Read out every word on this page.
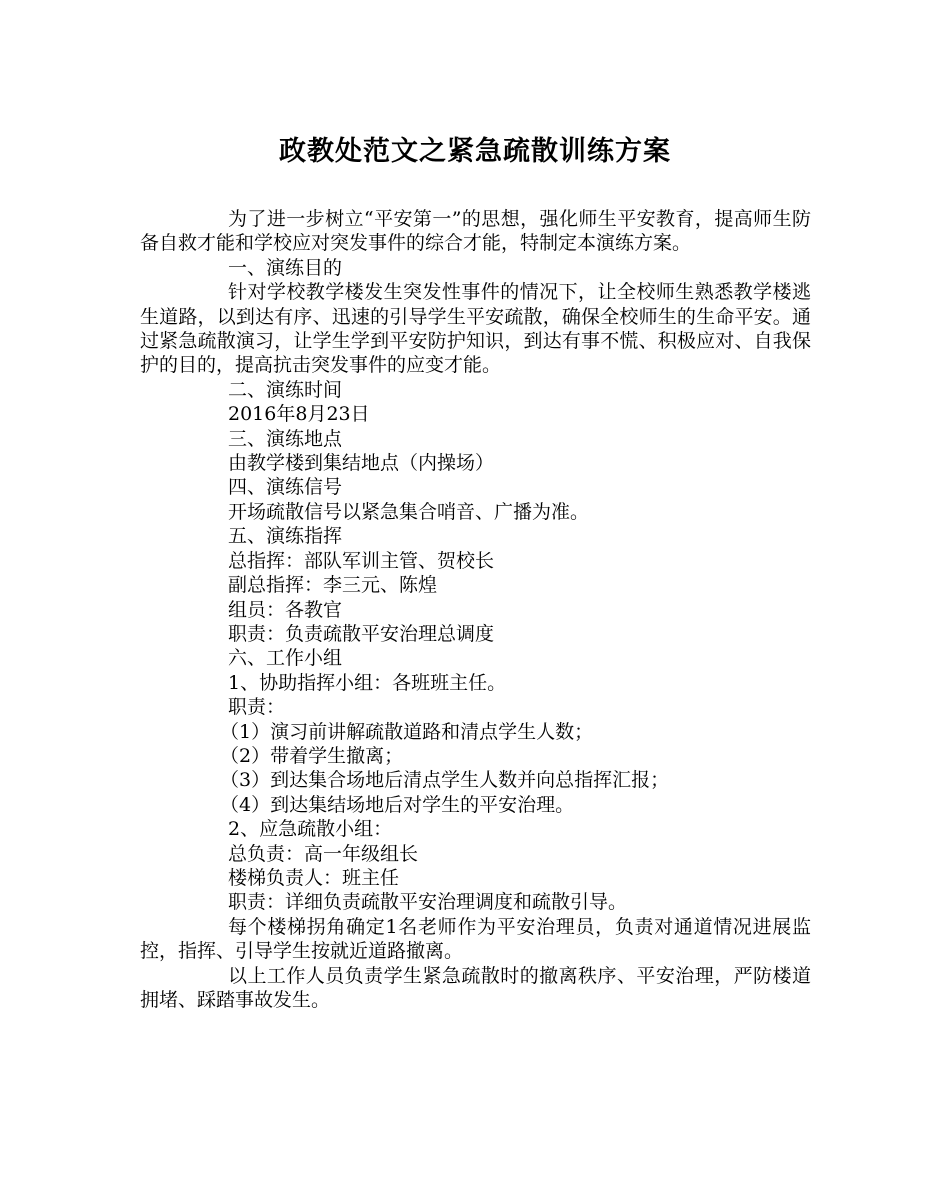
政教处范文之紧急疏散训练方案

为了进一步树立“平安第一”的思想，强化师生平安教育，提高师生防备自救才能和学校应对突发事件的综合才能，特制定本演练方案。

一、演练目的

针对学校教学楼发生突发性事件的情况下，让全校师生熟悉教学楼逃生道路，以到达有序、迅速的引导学生平安疏散，确保全校师生的生命平安。通过紧急疏散演习，让学生学到平安防护知识，到达有事不慌、积极应对、自我保护的目的，提高抗击突发事件的应变才能。

二、演练时间
2016年8月23日
三、演练地点
由教学楼到集结地点（内操场）
四、演练信号
开场疏散信号以紧急集合哨音、广播为准。
五、演练指挥
总指挥：部队军训主管、贺校长
副总指挥：李三元、陈煌
组员：各教官
职责：负责疏散平安治理总调度
六、工作小组
1、协助指挥小组：各班班主任。
职责：
（1）演习前讲解疏散道路和清点学生人数；
（2）带着学生撤离；
（3）到达集合场地后清点学生人数并向总指挥汇报；
（4）到达集结场地后对学生的平安治理。
2、应急疏散小组：
总负责：高一年级组长
楼梯负责人：班主任
职责：详细负责疏散平安治理调度和疏散引导。

每个楼梯拐角确定1名老师作为平安治理员，负责对通道情况进展监控，指挥、引导学生按就近道路撤离。

以上工作人员负责学生紧急疏散时的撤离秩序、平安治理，严防楼道拥堵、踩踏事故发生。
